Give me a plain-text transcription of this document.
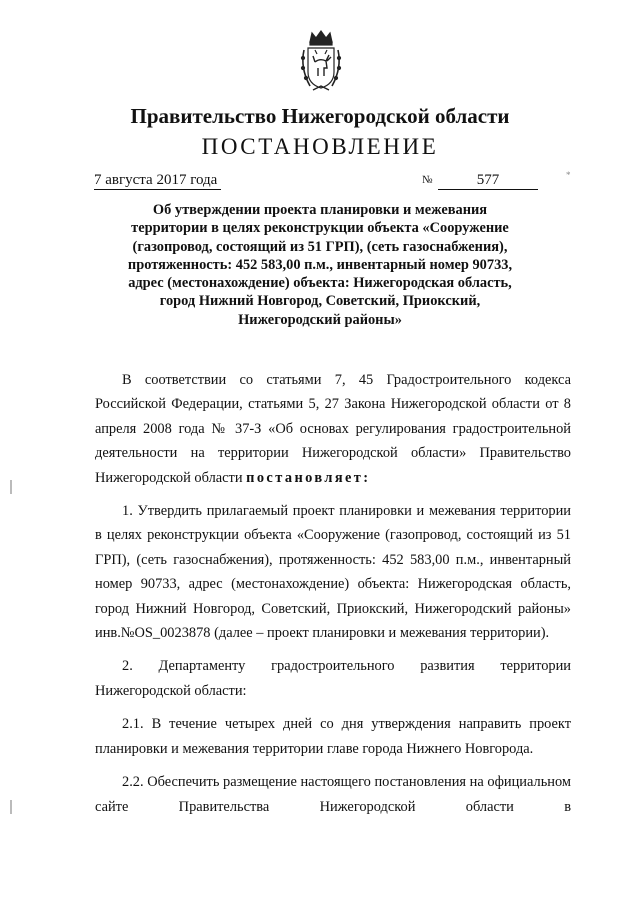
Правительство Нижегородской области
ПОСТАНОВЛЕНИЕ
7 августа 2017 года	№	577	*
Об утверждении проекта планировки и межевания
территории в целях реконструкции объекта «Сооружение
(газопровод, состоящий из 51 ГРП), (сеть газоснабжения),
протяженность: 452 583,00 п.м., инвентарный номер 90733,
адрес (местонахождение) объекта: Нижегородская область,
город Нижний Новгород, Советский, Приокский,
Нижегородский районы»

В соответствии со статьями 7, 45 Градостроительного кодекса Российской Федерации, статьями 5, 27 Закона Нижегородской области от 8 апреля 2008 года № 37-З «Об основах регулирования градостроительной деятельности на территории Нижегородской области» Правительство Нижегородской области постановляет:

1. Утвердить прилагаемый проект планировки и межевания территории в целях реконструкции объекта «Сооружение (газопровод, состоящий из 51 ГРП), (сеть газоснабжения), протяженность: 452 583,00 п.м., инвентарный номер 90733, адрес (местонахождение) объекта: Нижегородская область, город Нижний Новгород, Советский, Приокский, Нижегородский районы» инв.№OS_0023878 (далее – проект планировки и межевания территории).

2. Департаменту градостроительного развития территории Нижегородской области:

2.1. В течение четырех дней со дня утверждения направить проект планировки и межевания территории главе города Нижнего Новгорода.

2.2. Обеспечить размещение настоящего постановления на официальном сайте Правительства Нижегородской области в
